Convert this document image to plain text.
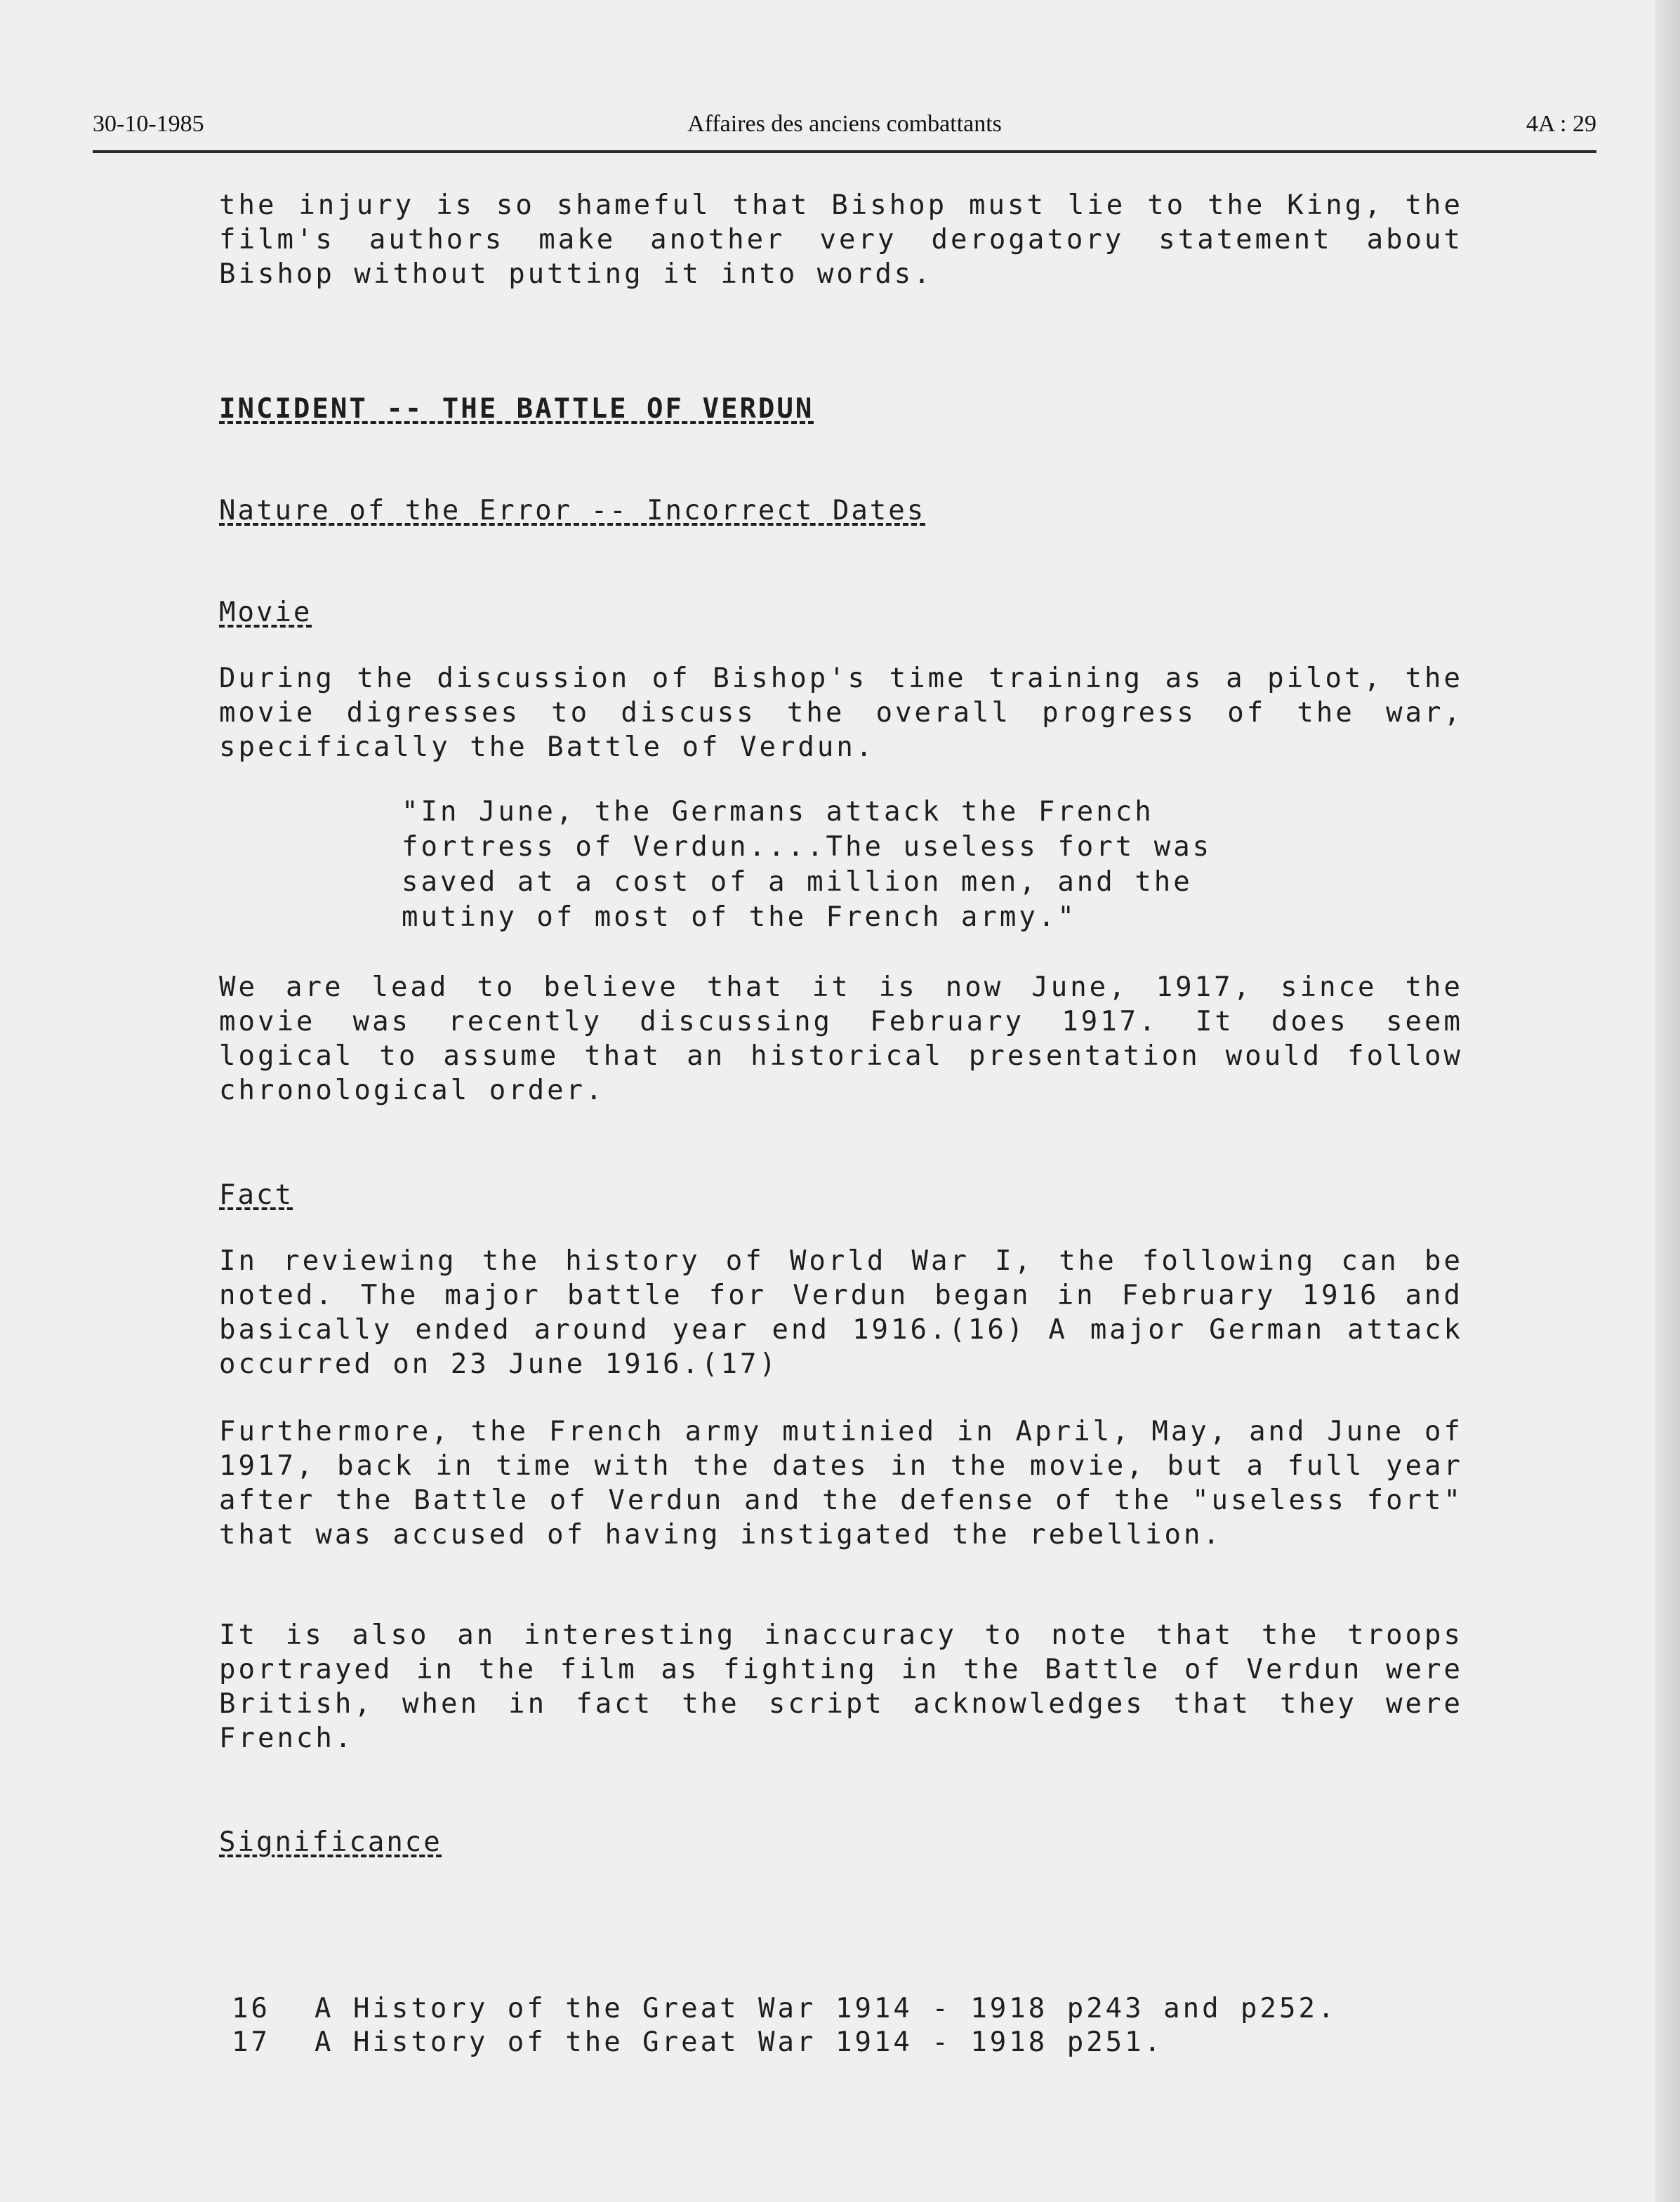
30-10-1985	Affaires des anciens combattants	4A : 29
the injury is so shameful that Bishop must lie to the King, the film's authors make another very derogatory statement about Bishop without putting it into words.
INCIDENT -- THE BATTLE OF VERDUN
Nature of the Error -- Incorrect Dates
Movie
During the discussion of Bishop's time training as a pilot, the movie digresses to discuss the overall progress of the war, specifically the Battle of Verdun.
"In June, the Germans attack the French fortress of Verdun....The useless fort was saved at a cost of a million men, and the mutiny of most of the French army."
We are lead to believe that it is now June, 1917, since the movie was recently discussing February 1917. It does seem logical to assume that an historical presentation would follow chronological order.
Fact
In reviewing the history of World War I, the following can be noted. The major battle for Verdun began in February 1916 and basically ended around year end 1916.(16) A major German attack occurred on 23 June 1916.(17)
Furthermore, the French army mutinied in April, May, and June of 1917, back in time with the dates in the movie, but a full year after the Battle of Verdun and the defense of the "useless fort" that was accused of having instigated the rebellion.
It is also an interesting inaccuracy to note that the troops portrayed in the film as fighting in the Battle of Verdun were British, when in fact the script acknowledges that they were French.
Significance
16 A History of the Great War 1914 - 1918 p243 and p252.
17 A History of the Great War 1914 - 1918 p251.
